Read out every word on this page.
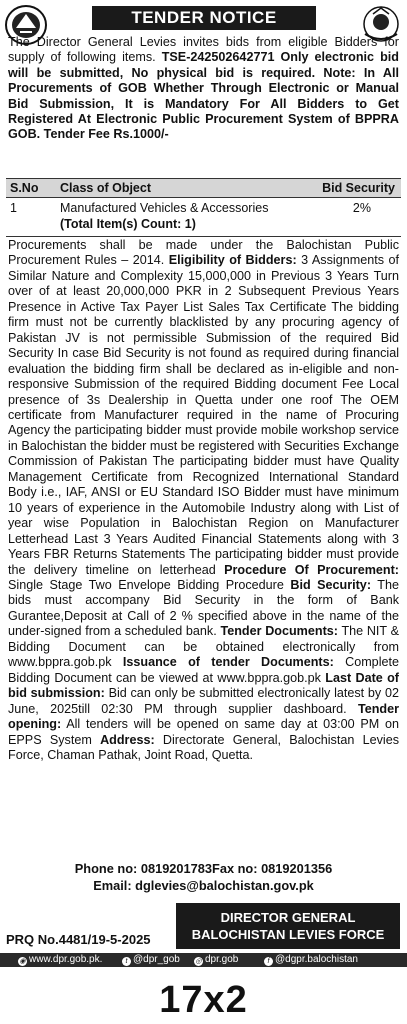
TENDER NOTICE
The Director General Levies invites bids from eligible Bidders for supply of following items. TSE-242502642771 Only electronic bid will be submitted, No physical bid is required. Note: In All Procurements of GOB Whether Through Electronic or Manual Bid Submission, It is Mandatory For All Bidders to Get Registered At Electronic Public Procurement System of BPPRA GOB. Tender Fee Rs.1000/-
S.No Class of Object	Bid Security
1	Manufactured Vehicles & Accessories	2%
(Total Item(s) Count: 1)
Procurements shall be made under the Balochistan Public Procurement Rules – 2014. Eligibility of Bidders: 3 Assignments of Similar Nature and Complexity 15,000,000 in Previous 3 Years Turn over of at least 20,000,000 PKR in 2 Subsequent Previous Years Presence in Active Tax Payer List Sales Tax Certificate The bidding firm must not be currently blacklisted by any procuring agency of Pakistan JV is not permissible Submission of the required Bid Security In case Bid Security is not found as required during financial evaluation the bidding firm shall be declared as in-eligible and non-responsive Submission of the required Bidding document Fee Local presence of 3s Dealership in Quetta under one roof The OEM certificate from Manufacturer required in the name of Procuring Agency the participating bidder must provide mobile workshop service in Balochistan the bidder must be registered with Securities Exchange Commission of Pakistan The participating bidder must have Quality Management Certificate from Recognized International Standard Body i.e., IAF, ANSI or EU Standard ISO Bidder must have minimum 10 years of experience in the Automobile Industry along with List of year wise Population in Balochistan Region on Manufacturer Letterhead Last 3 Years Audited Financial Statements along with 3 Years FBR Returns Statements The participating bidder must provide the delivery timeline on letterhead Procedure Of Procurement: Single Stage Two Envelope Bidding Procedure Bid Security: The bids must accompany Bid Security in the form of Bank Gurantee,Deposit at Call of 2 % specified above in the name of the under-signed from a scheduled bank. Tender Documents: The NIT & Bidding Document can be obtained electronically from www.bppra.gob.pk Issuance of tender Documents: Complete Bidding Document can be viewed at www.bppra.gob.pk Last Date of bid submission: Bid can only be submitted electronically latest by 02 June, 2025till 02:30 PM through supplier dashboard. Tender opening: All tenders will be opened on same day at 03:00 PM on EPPS System Address: Directorate General, Balochistan Levies Force, Chaman Pathak, Joint Road, Quetta.
Phone no: 0819201783Fax no: 0819201356
Email: dglevies@balochistan.gov.pk
PRQ No.4481/19-5-2025
DIRECTOR GENERAL
BALOCHISTAN LEVIES FORCE
◉ www.dpr.gob.pk.	t @dpr_gob ◎ dpr.gob	f @dgpr.balochistan
17x2
